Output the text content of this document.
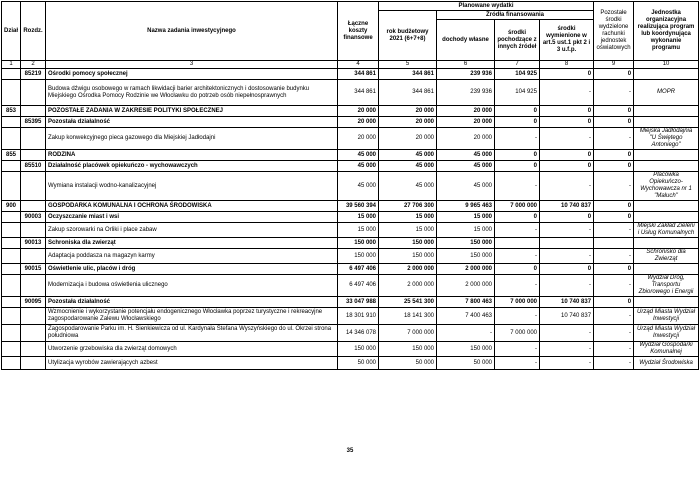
Dział	Rozdz.	Nazwa zadania inwestycyjnego	Łączne koszty finansowe	Planowane wydatki				Pozostałe środki wydzielone rachunki jednostek oświatowych	Jednostka organizacyjna realizująca program lub koordynująca wykonanie programu
				rok budżetowy 2021 (6+7+8)	Źródła finansowania				
					dochody własne	środki pochodzące z innych źródeł	środki wymienione w art.5 ust.1 pkt 2 i 3 u.f.p.		
1	2	3	4	5	6	7	8	9	10
	85219	Ośrodki pomocy społecznej	344 861	344 861	239 936	104 925	0	0	
		Budowa dźwigu osobowego w ramach likwidacji barier architektonicznych i dostosowanie budynku Miejskiego Ośrodka Pomocy Rodzinie we Włocławku do potrzeb osób niepełnosprawnych	344 861	344 861	239 936	104 925	-	-	MOPR
853		POZOSTAŁE ZADANIA W ZAKRESIE POLITYKI SPOŁECZNEJ	20 000	20 000	20 000	0	0	0	
	85395	Pozostała działalność	20 000	20 000	20 000	0	0	0	
		Zakup konwekcyjnego pieca gazowego dla Miejskiej Jadłodajni	20 000	20 000	20 000	-	-	-	Miejska Jadłodajnia "U Świętego Antoniego"
855		RODZINA	45 000	45 000	45 000	0	0	0	
	85510	Działalność placówek opiekuńczo - wychowawczych	45 000	45 000	45 000	0	0	0	
		Wymiana instalacji wodno-kanalizacyjnej	45 000	45 000	45 000	-	-	-	Placówka Opiekuńczo-Wychowawcza nr 1 "Maluch"
900		GOSPODARKA KOMUNALNA I OCHRONA ŚRODOWISKA	39 560 394	27 706 300	9 965 463	7 000 000	10 740 837	0	
	90003	Oczyszczanie miast i wsi	15 000	15 000	15 000	0	0	0	
		Zakup szorowarki na Orliki i place zabaw	15 000	15 000	15 000	-	-	-	Miejski Zakład Zieleni i Usług Komunalnych
	90013	Schroniska dla zwierząt	150 000	150 000	150 000				
		Adaptacja poddasza na magazyn karmy	150 000	150 000	150 000	-	-	-	Schronisko dla Zwierząt
	90015	Oświetlenie ulic, placów i dróg	6 497 406	2 000 000	2 000 000	0	0	0	
		Modernizacja i budowa oświetlenia ulicznego	6 497 406	2 000 000	2 000 000	-	-	-	Wydział Dróg, Transportu Zbiorowego i Energii
	90095	Pozostała działalność	33 047 988	25 541 300	7 800 463	7 000 000	10 740 837	0	
		Wzmocnienie i wykorzystanie potencjału endogenicznego Włocławka poprzez turystyczne i rekreacyjne zagospodarowanie Zalewu Włocławskiego	18 301 910	18 141 300	7 400 463	-	10 740 837	-	Urząd Miasta Wydział Inwestycji
		Zagospodarowanie Parku im. H. Sienkiewicza od ul. Kardynała Stefana Wyszyńskiego do ul. Okrzei strona południowa	14 346 078	7 000 000	-	7 000 000	-	-	Urząd Miasta Wydział Inwestycji
		Utworzenie grzebowiska dla zwierząt domowych	150 000	150 000	150 000	-	-	-	Wydział Gospodarki Komunalnej
		Utylizacja wyrobów zawierających azbest	50 000	50 000	50 000	-	-	-	Wydział Środowiska
35
